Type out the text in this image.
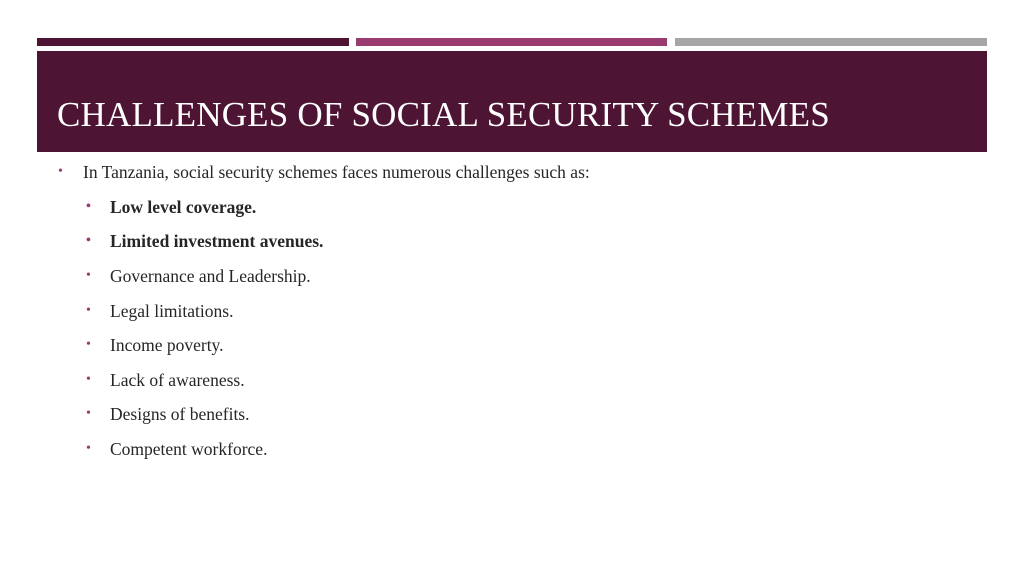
CHALLENGES OF SOCIAL SECURITY SCHEMES
• In Tanzania, social security schemes faces numerous challenges such as:
• Low level coverage.
• Limited investment avenues.
• Governance and Leadership.
• Legal limitations.
• Income poverty.
• Lack of awareness.
• Designs of benefits.
• Competent workforce.
